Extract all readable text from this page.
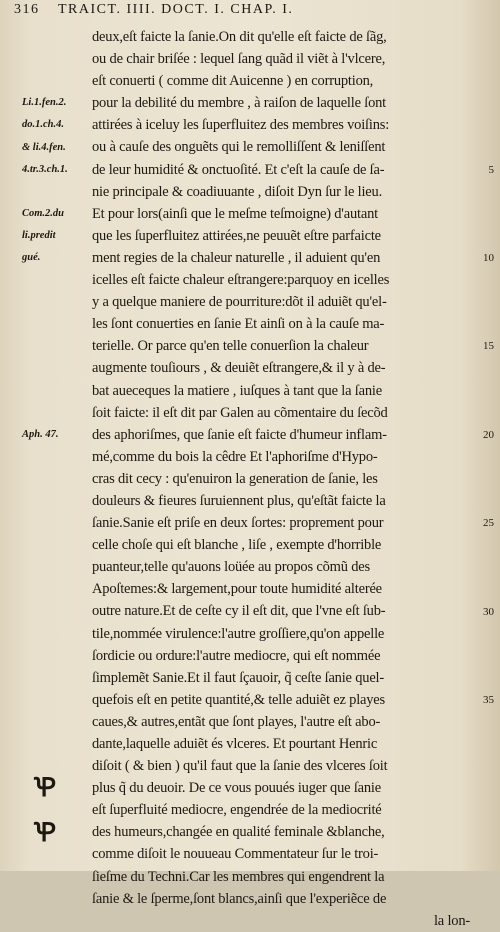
316 TRAICT. IIII. DOCT. I. CHAP. I.
Li.1.fen.2.
do.1.ch.4.
& li.4.fen.
4.tr.3.ch.1.
Com.2.du
li.predit
gué.
Aph. 47.
deux,eſt faicte la ſanie.On dit qu'elle eſt faicte de ſãg,
ou de chair briſée : lequel ſang quãd il viẽt à l'vlcere,
eſt conuerti ( comme dit Auicenne ) en corruption,
pour la debilité du membre , à raiſon de laquelle ſont
attirées à iceluy les ſuperfluitez des membres voiſins:
ou à cauſe des onguẽts qui le remolliſſent & leniſſent
de leur humidité & onctuoſité. Et c'eſt la cauſe de ſa-
nie principale & coadiuuante , diſoit Dyn ſur le lieu.
Et pour lors(ainſi que le meſme teſmoigne) d'autant
que les ſuperfluitez attirées,ne peuuẽt eſtre parfaicte
ment regies de la chaleur naturelle , il aduient qu'en
icelles eſt faicte chaleur eſtrangere:parquoy en icelles
y a quelque maniere de pourriture:dõt il aduiẽt qu'el-
les ſont conuerties en ſanie Et ainſi on à la cauſe ma-
terielle. Or parce qu'en telle conuerſion la chaleur
augmente touſiours , & deuiẽt eſtrangere,& il y à de-
bat aueceques la matiere , iuſques à tant que la ſanie
ſoit faicte: il eſt dit par Galen au cõmentaire du ſecõd
des aphoriſmes, que ſanie eſt faicte d'humeur inflam-
mé,comme du bois la cêdre Et l'aphoriſme d'Hypo-
cras dit cecy : qu'enuiron la generation de ſanie, les
douleurs & fieures ſuruiennent plus, qu'eſtãt faicte la
ſanie.Sanie eſt priſe en deux ſortes: proprement pour
celle choſe qui eſt blanche , liſe , exempte d'horrible
puanteur,telle qu'auons loüée au propos cõmũ des
Apoſtemes:& largement,pour toute humidité alterée
outre nature.Et de ceſte cy il eſt dit, que l'vne eſt ſub-
tile,nommée virulence:l'autre groſſiere,qu'on appelle
ſordicie ou ordure:l'autre mediocre, qui eſt nommée
ſimplemẽt Sanie.Et il faut ſçauoir, q̃ ceſte ſanie quel-
quefois eſt en petite quantité,& telle aduiẽt ez playes
caues,& autres,entãt que ſont playes, l'autre eſt abo-
dante,laquelle aduiẽt és vlceres. Et pourtant Henric
diſoit ( & bien ) qu'il faut que la ſanie des vlceres ſoit
plus q̃ du deuoir. De ce vous pouués iuger que ſanie
eſt ſuperfluité mediocre, engendrée de la mediocrité
des humeurs,changée en qualité feminale &blanche,
comme diſoit le nouueau Commentateur ſur le troi-
ſieſme du Techni.Car les membres qui engendrent la
ſanie & le ſperme,ſont blancs,ainſi que l'experiẽce de
la lon-
5
10
15
20
25
30
35
Ꝕ
Ꝕ
